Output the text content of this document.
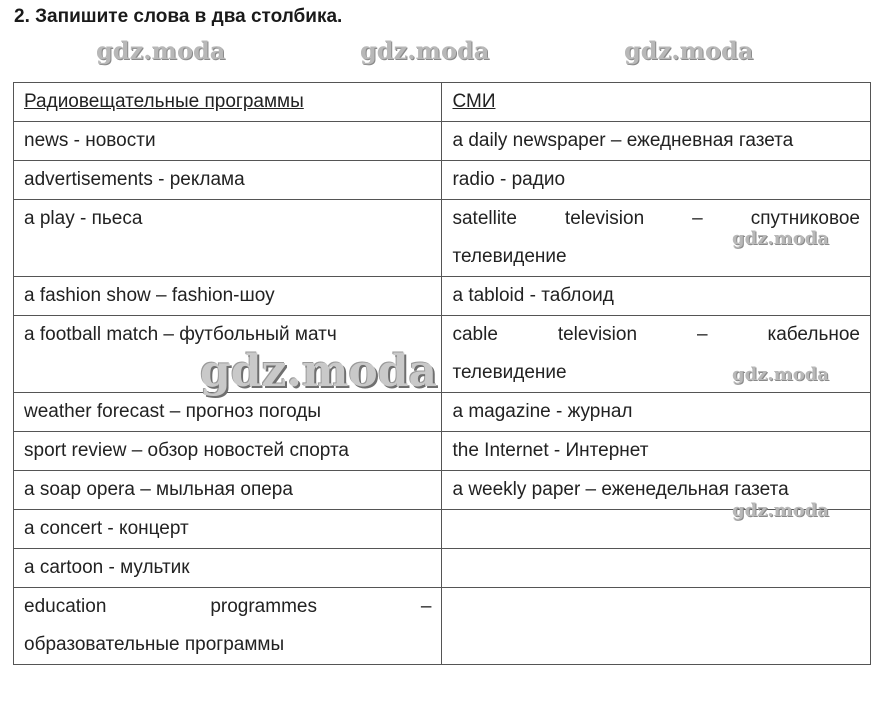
2. Запишите слова в два столбика.
gdz.moda	gdz.moda	gdz.moda
Радиовещательные программы	СМИ
news - новости	a daily newspaper – ежедневная газета
advertisements - реклама	radio - радио
a play - пьеса	satellite television – спутниковое
телевидение

a fashion show – fashion-шоу	a tabloid - таблоид
a football match – футбольный матч	cable television – кабельное
телевидение

weather forecast – прогноз погоды	a magazine - журнал
sport review – обзор новостей спорта	the Internet - Интернет
a soap opera – мыльная опера	a weekly paper – еженедельная газета
a concert - концерт	
a cartoon - мультик	

education programmes –
образовательные программы	

gdz.moda
gdz.moda
gdz.moda
gdz.moda
